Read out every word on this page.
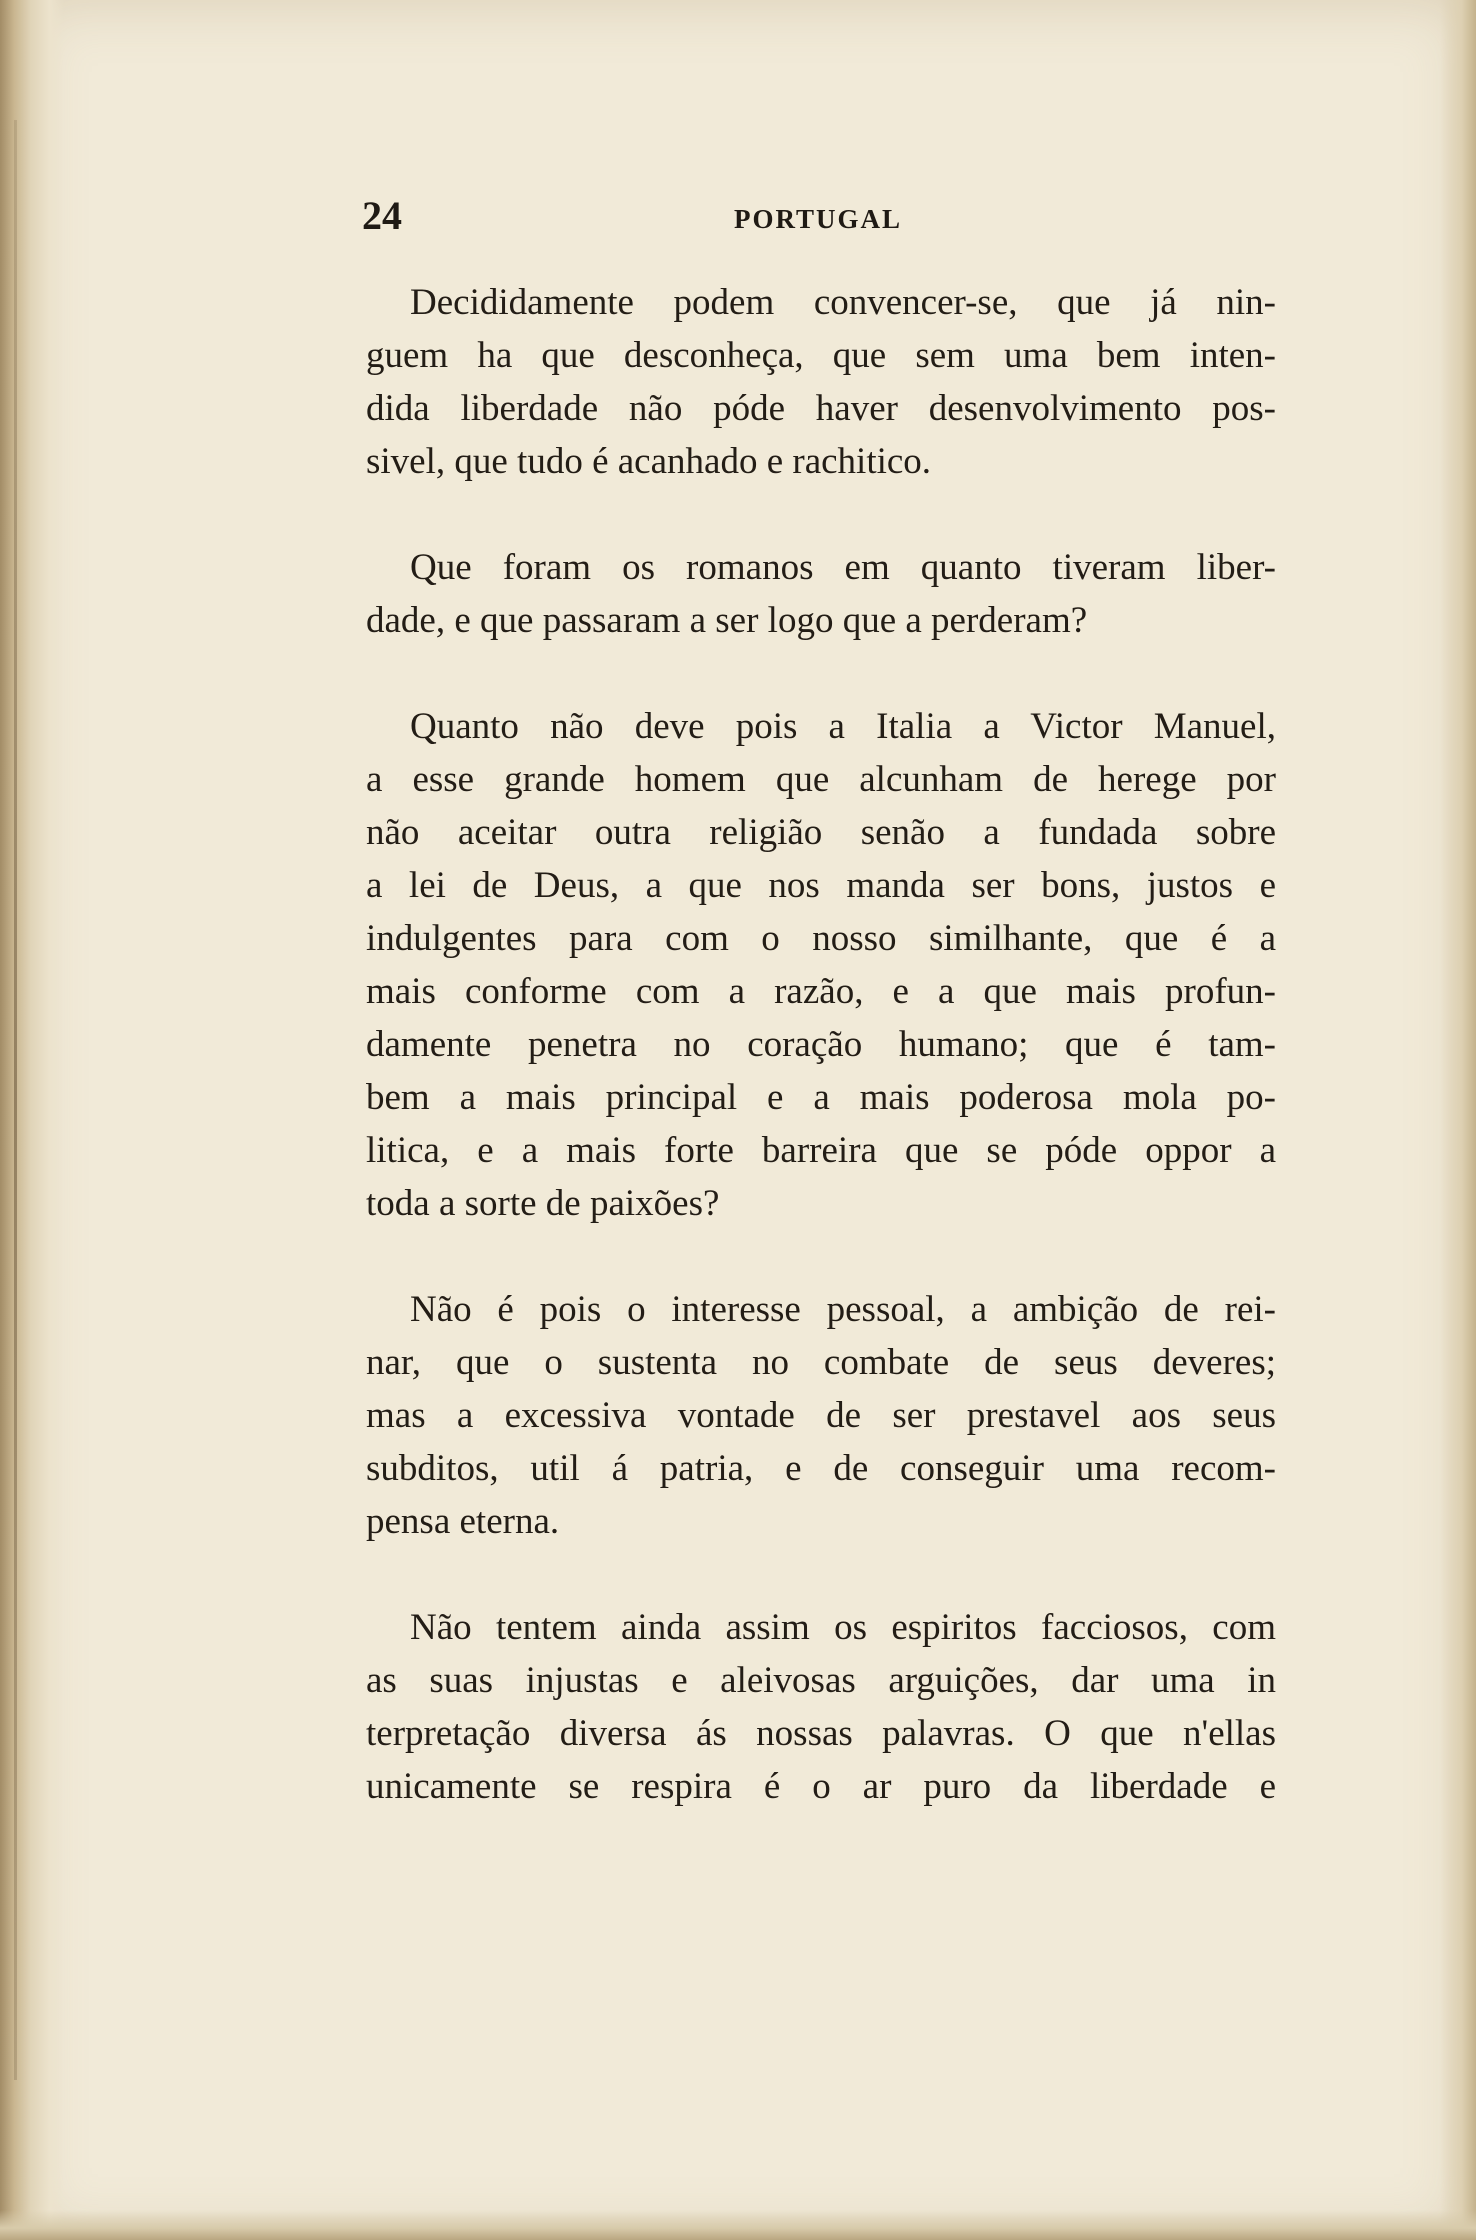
24	PORTUGAL

Decididamente podem convencer-se, que já nin-
guem ha que desconheça, que sem uma bem inten-
dida liberdade não póde haver desenvolvimento pos-
sivel, que tudo é acanhado e rachitico.

Que foram os romanos em quanto tiveram liber-
dade, e que passaram a ser logo que a perderam?

Quanto não deve pois a Italia a Victor Manuel,
a esse grande homem que alcunham de herege por
não aceitar outra religião senão a fundada sobre
a lei de Deus, a que nos manda ser bons, justos e
indulgentes para com o nosso similhante, que é a
mais conforme com a razão, e a que mais profun-
damente penetra no coração humano; que é tam-
bem a mais principal e a mais poderosa mola po-
litica, e a mais forte barreira que se póde oppor a
toda a sorte de paixões?

Não é pois o interesse pessoal, a ambição de rei-
nar, que o sustenta no combate de seus deveres;
mas a excessiva vontade de ser prestavel aos seus
subditos, util á patria, e de conseguir uma recom-
pensa eterna.

Não tentem ainda assim os espiritos facciosos, com
as suas injustas e aleivosas arguições, dar uma in
terpretação diversa ás nossas palavras. O que n'ellas
unicamente se respira é o ar puro da liberdade e
